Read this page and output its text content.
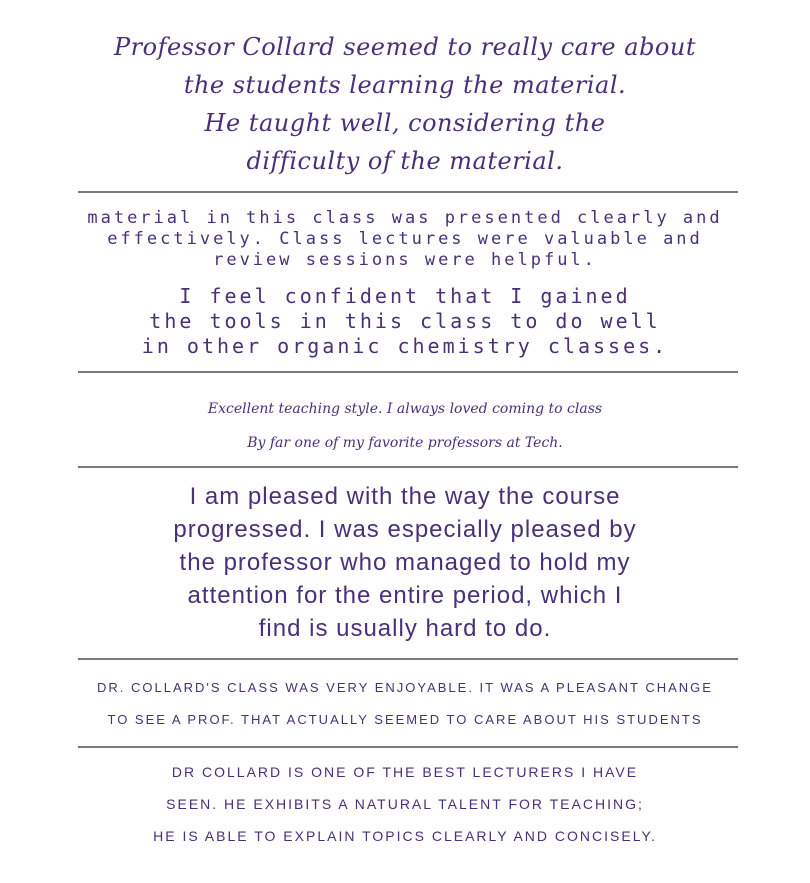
Professor Collard seemed to really care about
the students learning the material.
He taught well, considering the
difficulty of the material.
material in this class was presented clearly and
effectively. Class lectures were valuable and
review sessions were helpful.
I feel confident that I gained
the tools in this class to do well
in other organic chemistry classes.
Excellent teaching style. I always loved coming to class
By far one of my favorite professors at Tech.
I am pleased with the way the course
progressed. I was especially pleased by
the professor who managed to hold my
attention for the entire period, which I
find is usually hard to do.
DR. COLLARD'S CLASS WAS VERY ENJOYABLE. IT WAS A PLEASANT CHANGE
TO SEE A PROF. THAT ACTUALLY SEEMED TO CARE ABOUT HIS STUDENTS
DR COLLARD IS ONE OF THE BEST LECTURERS I HAVE
SEEN. HE EXHIBITS A NATURAL TALENT FOR TEACHING;
HE IS ABLE TO EXPLAIN TOPICS CLEARLY AND CONCISELY.
